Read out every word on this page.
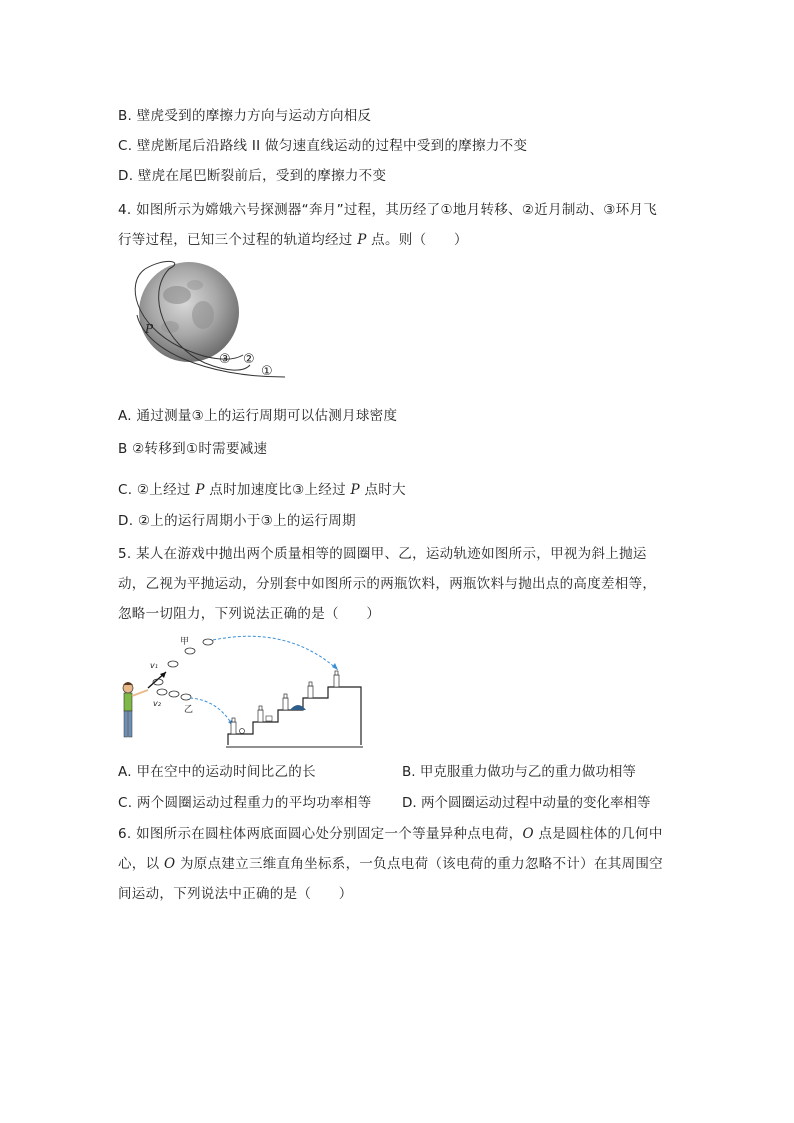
B. 壁虎受到的摩擦力方向与运动方向相反
C. 壁虎断尾后沿路线 II 做匀速直线运动的过程中受到的摩擦力不变
D. 壁虎在尾巴断裂前后，受到的摩擦力不变
4. 如图所示为嫦娥六号探测器“奔月”过程，其历经了①地月转移、②近月制动、③环月飞
行等过程，已知三个过程的轨道均经过 P 点。则（　　）
P
③ ②
①
A. 通过测量③上的运行周期可以估测月球密度
B ②转移到①时需要减速
C. ②上经过 P 点时加速度比③上经过 P 点时大
D. ②上的运行周期小于③上的运行周期
5. 某人在游戏中抛出两个质量相等的圆圈甲、乙，运动轨迹如图所示，甲视为斜上抛运
动，乙视为平抛运动，分别套中如图所示的两瓶饮料，两瓶饮料与抛出点的高度差相等，
忽略一切阻力，下列说法正确的是（　　）
v₁
v₂
甲
乙
A. 甲在空中的运动时间比乙的长	B. 甲克服重力做功与乙的重力做功相等
C. 两个圆圈运动过程重力的平均功率相等 D. 两个圆圈运动过程中动量的变化率相等
6. 如图所示在圆柱体两底面圆心处分别固定一个等量异种点电荷，O 点是圆柱体的几何中
心，以 O 为原点建立三维直角坐标系，一负点电荷（该电荷的重力忽略不计）在其周围空
间运动，下列说法中正确的是（　　）
